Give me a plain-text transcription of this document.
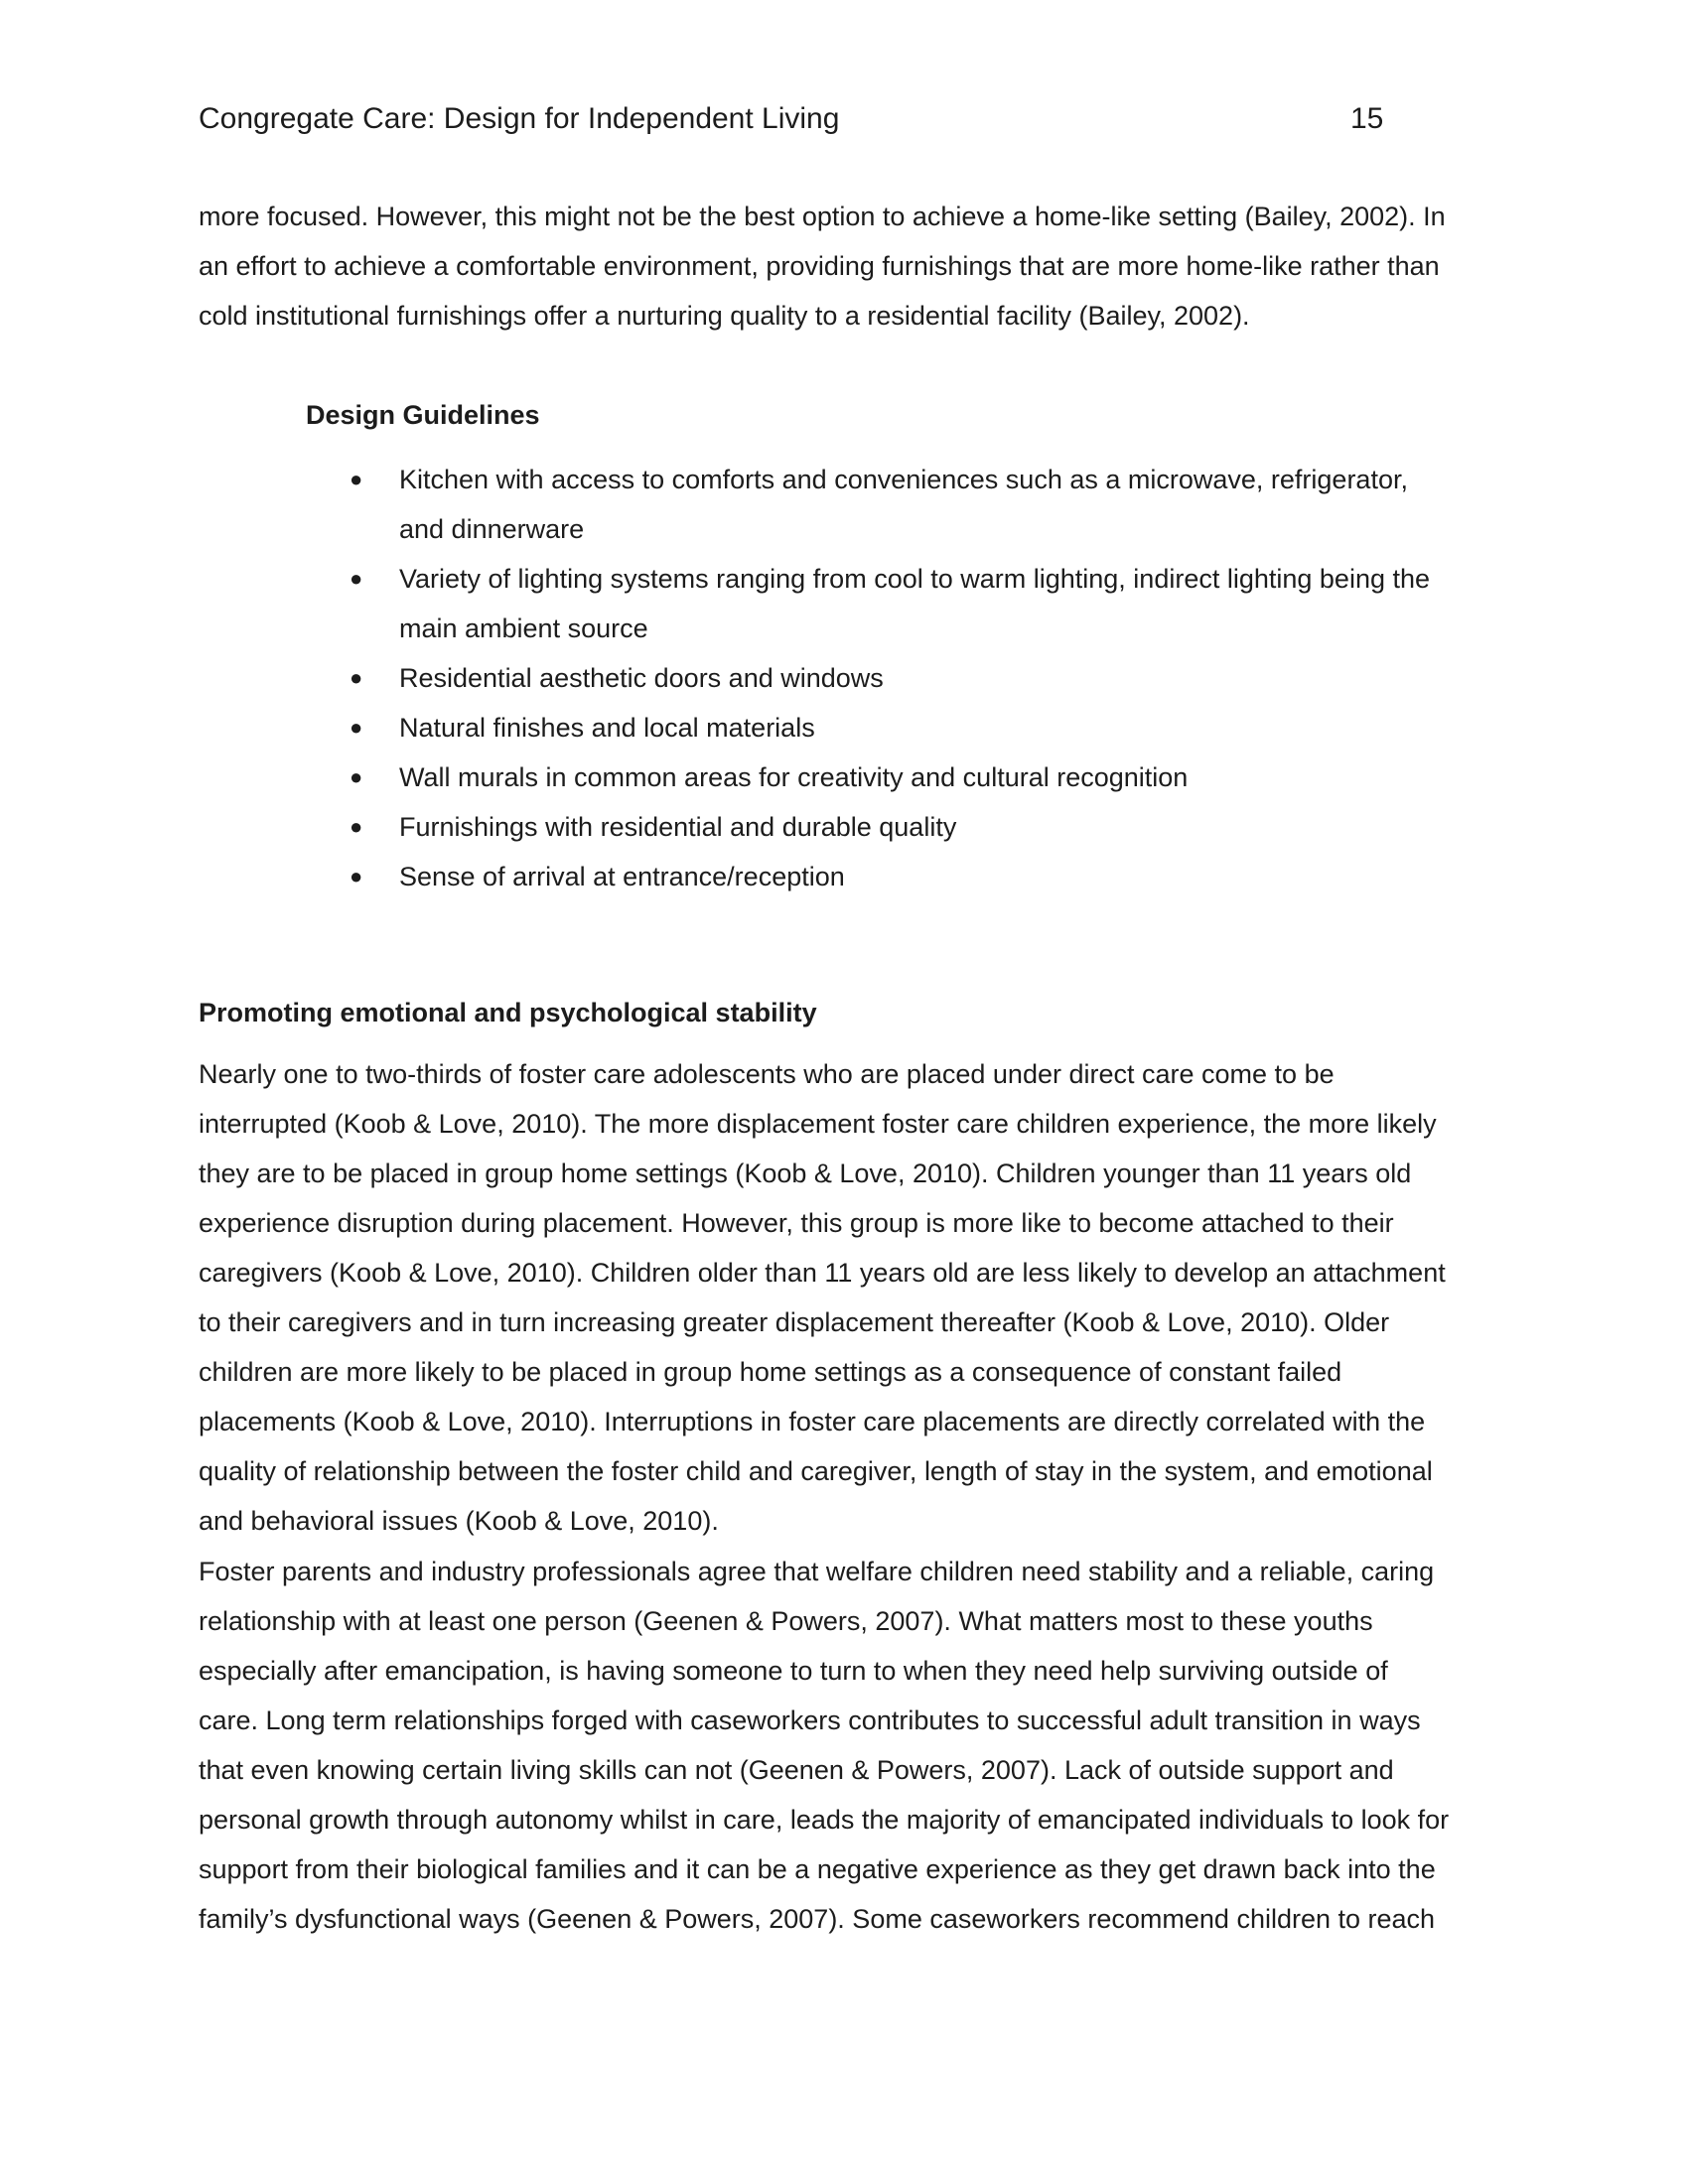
Congregate Care: Design for Independent Living	15

more focused. However, this might not be the best option to achieve a home-like setting (Bailey, 2002). In
an effort to achieve a comfortable environment, providing furnishings that are more home-like rather than
cold institutional furnishings offer a nurturing quality to a residential facility (Bailey, 2002).

Design Guidelines
● Kitchen with access to comforts and conveniences such as a microwave, refrigerator,
and dinnerware
● Variety of lighting systems ranging from cool to warm lighting, indirect lighting being the
main ambient source
● Residential aesthetic doors and windows
● Natural finishes and local materials
● Wall murals in common areas for creativity and cultural recognition
● Furnishings with residential and durable quality
● Sense of arrival at entrance/reception
Promoting emotional and psychological stability

Nearly one to two-thirds of foster care adolescents who are placed under direct care come to be
interrupted (Koob & Love, 2010). The more displacement foster care children experience, the more likely
they are to be placed in group home settings (Koob & Love, 2010). Children younger than 11 years old
experience disruption during placement. However, this group is more like to become attached to their
caregivers (Koob & Love, 2010). Children older than 11 years old are less likely to develop an attachment
to their caregivers and in turn increasing greater displacement thereafter (Koob & Love, 2010). Older
children are more likely to be placed in group home settings as a consequence of constant failed
placements (Koob & Love, 2010). Interruptions in foster care placements are directly correlated with the
quality of relationship between the foster child and caregiver, length of stay in the system, and emotional
and behavioral issues (Koob & Love, 2010).

Foster parents and industry professionals agree that welfare children need stability and a reliable, caring
relationship with at least one person (Geenen & Powers, 2007). What matters most to these youths
especially after emancipation, is having someone to turn to when they need help surviving outside of
care. Long term relationships forged with caseworkers contributes to successful adult transition in ways
that even knowing certain living skills can not (Geenen & Powers, 2007). Lack of outside support and
personal growth through autonomy whilst in care, leads the majority of emancipated individuals to look for
support from their biological families and it can be a negative experience as they get drawn back into the
family’s dysfunctional ways (Geenen & Powers, 2007). Some caseworkers recommend children to reach
